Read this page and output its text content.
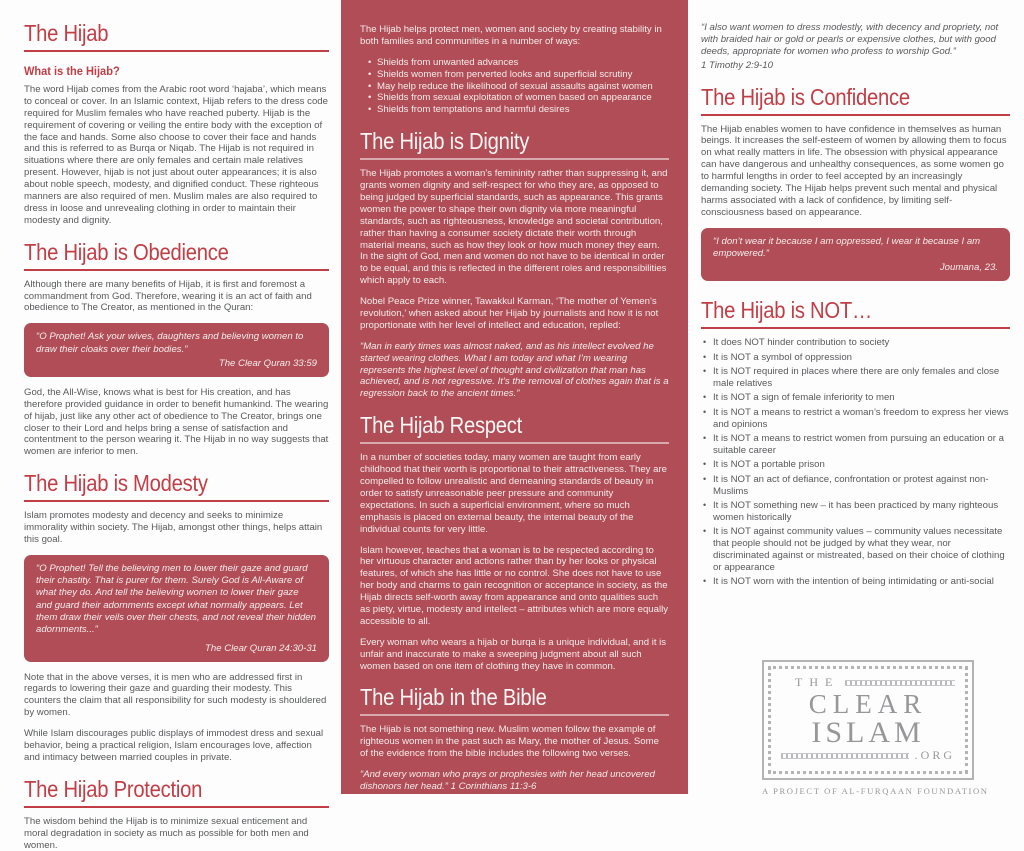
The Hijab
What is the Hijab?

The word Hijab comes from the Arabic root word ‘hajaba’, which means to conceal or cover. In an Islamic context, Hijab refers to the dress code required for Muslim females who have reached puberty. Hijab is the requirement of covering or veiling the entire body with the exception of the face and hands. Some also choose to cover their face and hands and this is referred to as Burqa or Niqab. The Hijab is not required in situations where there are only females and certain male relatives present. However, hijab is not just about outer appearances; it is also about noble speech, modesty, and dignified conduct. These righteous manners are also required of men. Muslim males are also required to dress in loose and unrevealing clothing in order to maintain their modesty and dignity.

The Hijab is Obedience

Although there are many benefits of Hijab, it is first and foremost a commandment from God. Therefore, wearing it is an act of faith and obedience to The Creator, as mentioned in the Quran:

“O Prophet! Ask your wives, daughters and believing women to draw their cloaks over their bodies.”
The Clear Quran 33:59

God, the All-Wise, knows what is best for His creation, and has therefore provided guidance in order to benefit humankind. The wearing of hijab, just like any other act of obedience to The Creator, brings one closer to their Lord and helps bring a sense of satisfaction and contentment to the person wearing it. The Hijab in no way suggests that women are inferior to men.

The Hijab is Modesty

Islam promotes modesty and decency and seeks to minimize immorality within society. The Hijab, amongst other things, helps attain this goal.

“O Prophet! Tell the believing men to lower their gaze and guard their chastity. That is purer for them. Surely God is All-Aware of what they do. And tell the believing women to lower their gaze and guard their adornments except what normally appears. Let them draw their veils over their chests, and not reveal their hidden adornments...”
The Clear Quran 24:30-31

Note that in the above verses, it is men who are addressed first in regards to lowering their gaze and guarding their modesty. This counters the claim that all responsibility for such modesty is shouldered by women.

While Islam discourages public displays of immodest dress and sexual behavior, being a practical religion, Islam encourages love, affection and intimacy between married couples in private.

The Hijab Protection

The wisdom behind the Hijab is to minimize sexual enticement and moral degradation in society as much as possible for both men and women.

The Hijab helps protect men, women and society by creating stability in both families and communities in a number of ways:

• Shields from unwanted advances
• Shields women from perverted looks and superficial scrutiny
• May help reduce the likelihood of sexual assaults against women
• Shields from sexual exploitation of women based on appearance
• Shields from temptations and harmful desires
The Hijab is Dignity

The Hijab promotes a woman’s femininity rather than suppressing it, and grants women dignity and self-respect for who they are, as opposed to being judged by superficial standards, such as appearance. This grants women the power to shape their own dignity via more meaningful standards, such as righteousness, knowledge and societal contribution, rather than having a consumer society dictate their worth through material means, such as how they look or how much money they earn. In the sight of God, men and women do not have to be identical in order to be equal, and this is reflected in the different roles and responsibilities which apply to each.

Nobel Peace Prize winner, Tawakkul Karman, ‘The mother of Yemen’s revolution,’ when asked about her Hijab by journalists and how it is not proportionate with her level of intellect and education, replied:

“Man in early times was almost naked, and as his intellect evolved he started wearing clothes. What I am today and what I’m wearing represents the highest level of thought and civilization that man has achieved, and is not regressive. It’s the removal of clothes again that is a regression back to the ancient times.”

The Hijab Respect

In a number of societies today, many women are taught from early childhood that their worth is proportional to their attractiveness. They are compelled to follow unrealistic and demeaning standards of beauty in order to satisfy unreasonable peer pressure and community expectations. In such a superficial environment, where so much emphasis is placed on external beauty, the internal beauty of the individual counts for very little.

Islam however, teaches that a woman is to be respected according to her virtuous character and actions rather than by her looks or physical features, of which she has little or no control. She does not have to use her body and charms to gain recognition or acceptance in society, as the Hijab directs self-worth away from appearance and onto qualities such as piety, virtue, modesty and intellect – attributes which are more equally accessible to all.

Every woman who wears a hijab or burqa is a unique individual, and it is unfair and inaccurate to make a sweeping judgment about all such women based on one item of clothing they have in common.

The Hijab in the Bible

The Hijab is not something new. Muslim women follow the example of righteous women in the past such as Mary, the mother of Jesus. Some of the evidence from the bible includes the following two verses.

“And every woman who prays or prophesies with her head uncovered dishonors her head.” 1 Corinthians 11:3-6

“I also want women to dress modestly, with decency and propriety, not with braided hair or gold or pearls or expensive clothes, but with good deeds, appropriate for women who profess to worship God.”

1 Timothy 2:9-10

The Hijab is Confidence

The Hijab enables women to have confidence in themselves as human beings. It increases the self-esteem of women by allowing them to focus on what really matters in life. The obsession with physical appearance can have dangerous and unhealthy consequences, as some women go to harmful lengths in order to feel accepted by an increasingly demanding society. The Hijab helps prevent such mental and physical harms associated with a lack of confidence, by limiting self-consciousness based on appearance.

“I don’t wear it because I am oppressed, I wear it because I am empowered.”
Joumana, 23.
The Hijab is NOT…
• It does NOT hinder contribution to society
• It is NOT a symbol of oppression
• It is NOT required in places where there are only females and close male relatives
• It is NOT a sign of female inferiority to men
• It is NOT a means to restrict a woman’s freedom to express her views and opinions
• It is NOT a means to restrict women from pursuing an education or a suitable career
• It is NOT a portable prison
• It is NOT an act of defiance, confrontation or protest against non-Muslims
• It is NOT something new – it has been practiced by many righteous women historically
• It is NOT against community values – community values necessitate that people should not be judged by what they wear, nor discriminated against or mistreated, based on their choice of clothing or appearance
• It is NOT worn with the intention of being intimidating or anti-social
THE
CLEAR
ISLAM
.ORG
A PROJECT OF AL-FURQAAN FOUNDATION
